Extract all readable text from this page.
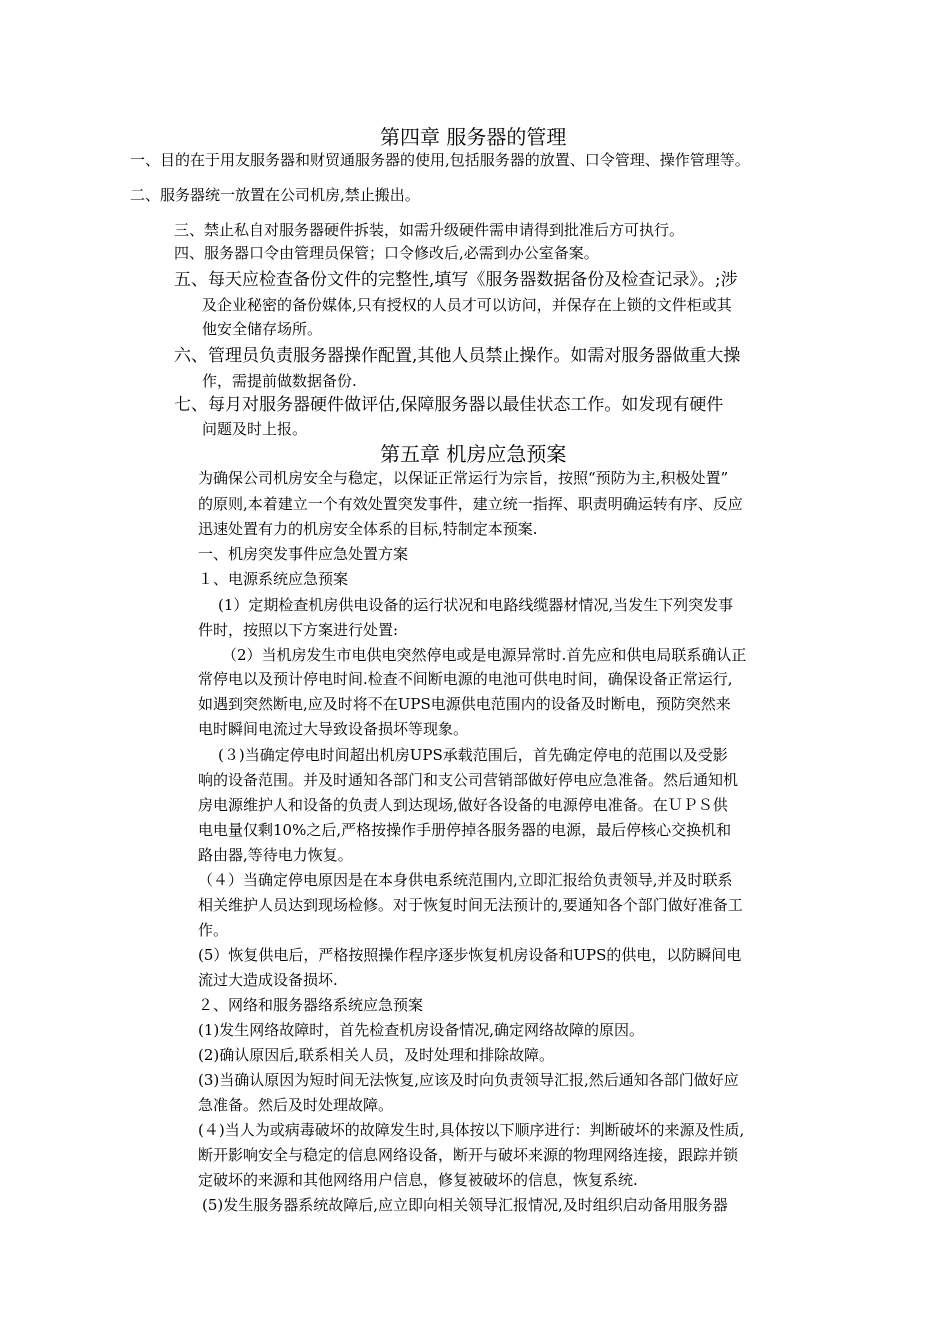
第四章 服务器的管理
一、目的在于用友服务器和财贸通服务器的使用,包括服务器的放置、口令管理、操作管理等。
二、服务器统一放置在公司机房,禁止搬出。
三、禁止私自对服务器硬件拆装，如需升级硬件需申请得到批准后方可执行。
四、服务器口令由管理员保管；口令修改后,必需到办公室备案。
五、每天应检查备份文件的完整性,填写《服务器数据备份及检查记录》。;涉
及企业秘密的备份媒体,只有授权的人员才可以访问，并保存在上锁的文件柜或其
他安全储存场所。
六、管理员负责服务器操作配置,其他人员禁止操作。如需对服务器做重大操
作，需提前做数据备份.
七、每月对服务器硬件做评估,保障服务器以最佳状态工作。如发现有硬件
问题及时上报。
第五章 机房应急预案
为确保公司机房安全与稳定，以保证正常运行为宗旨，按照“预防为主,积极处置”
的原则,本着建立一个有效处置突发事件，建立统一指挥、职责明确运转有序、反应
迅速处置有力的机房安全体系的目标,特制定本预案.
一、机房突发事件应急处置方案
１、电源系统应急预案
(1）定期检查机房供电设备的运行状况和电路线缆器材情况,当发生下列突发事
件时，按照以下方案进行处置:
（2）当机房发生市电供电突然停电或是电源异常时.首先应和供电局联系确认正
常停电以及预计停电时间.检查不间断电源的电池可供电时间，确保设备正常运行,
如遇到突然断电,应及时将不在UPS电源供电范围内的设备及时断电，预防突然来
电时瞬间电流过大导致设备损坏等现象。
(３)当确定停电时间超出机房UPS承载范围后，首先确定停电的范围以及受影
响的设备范围。并及时通知各部门和支公司营销部做好停电应急准备。然后通知机
房电源维护人和设备的负责人到达现场,做好各设备的电源停电准备。在ＵＰＳ供
电电量仅剩10%之后,严格按操作手册停掉各服务器的电源，最后停核心交换机和
路由器,等待电力恢复。
（４）当确定停电原因是在本身供电系统范围内,立即汇报给负责领导,并及时联系
相关维护人员达到现场检修。对于恢复时间无法预计的,要通知各个部门做好准备工
作。
(5）恢复供电后，严格按照操作程序逐步恢复机房设备和UPS的供电，以防瞬间电
流过大造成设备损坏.
２、网络和服务器络系统应急预案
(1)发生网络故障时，首先检查机房设备情况,确定网络故障的原因。
(2)确认原因后,联系相关人员，及时处理和排除故障。
(3)当确认原因为短时间无法恢复,应该及时向负责领导汇报,然后通知各部门做好应
急准备。然后及时处理故障。
(４)当人为或病毒破坏的故障发生时,具体按以下顺序进行：判断破坏的来源及性质,
断开影响安全与稳定的信息网络设备，断开与破坏来源的物理网络连接，跟踪并锁
定破坏的来源和其他网络用户信息，修复被破坏的信息，恢复系统.
(5)发生服务器系统故障后,应立即向相关领导汇报情况,及时组织启动备用服务器
